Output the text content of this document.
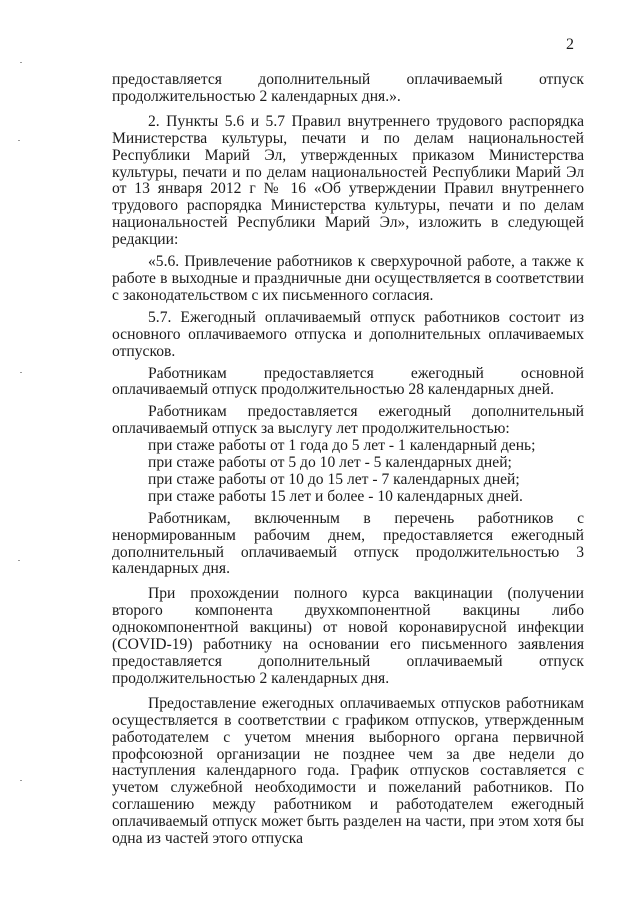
2

предоставляется дополнительный оплачиваемый отпуск продолжительностью 2 календарных дня.».

2. Пункты 5.6 и 5.7 Правил внутреннего трудового распорядка Министерства культуры, печати и по делам национальностей Республики Марий Эл, утвержденных приказом Министерства культуры, печати и по делам национальностей Республики Марий Эл от 13 января 2012 г № 16 «Об утверждении Правил внутреннего трудового распорядка Министерства культуры, печати и по делам национальностей Республики Марий Эл», изложить в следующей редакции:

«5.6. Привлечение работников к сверхурочной работе, а также к работе в выходные и праздничные дни осуществляется в соответствии с законодательством с их письменного согласия.

5.7. Ежегодный оплачиваемый отпуск работников состоит из основного оплачиваемого отпуска и дополнительных оплачиваемых отпусков.

Работникам предоставляется ежегодный основной оплачиваемый отпуск продолжительностью 28 календарных дней.

Работникам предоставляется ежегодный дополнительный оплачиваемый отпуск за выслугу лет продолжительностью:

при стаже работы от 1 года до 5 лет - 1 календарный день;

при стаже работы от 5 до 10 лет - 5 календарных дней;

при стаже работы от 10 до 15 лет - 7 календарных дней;

при стаже работы 15 лет и более - 10 календарных дней.

Работникам, включенным в перечень работников с ненормированным рабочим днем, предоставляется ежегодный дополнительный оплачиваемый отпуск продолжительностью 3 календарных дня.

При прохождении полного курса вакцинации (получении второго компонента двухкомпонентной вакцины либо однокомпонентной вакцины) от новой коронавирусной инфекции (COVID-19) работнику на основании его письменного заявления предоставляется дополнительный оплачиваемый отпуск продолжительностью 2 календарных дня.

Предоставление ежегодных оплачиваемых отпусков работникам осуществляется в соответствии с графиком отпусков, утвержденным работодателем с учетом мнения выборного органа первичной профсоюзной организации не позднее чем за две недели до наступления календарного года. График отпусков составляется с учетом служебной необходимости и пожеланий работников. По соглашению между работником и работодателем ежегодный оплачиваемый отпуск может быть разделен на части, при этом хотя бы одна из частей этого отпуска
